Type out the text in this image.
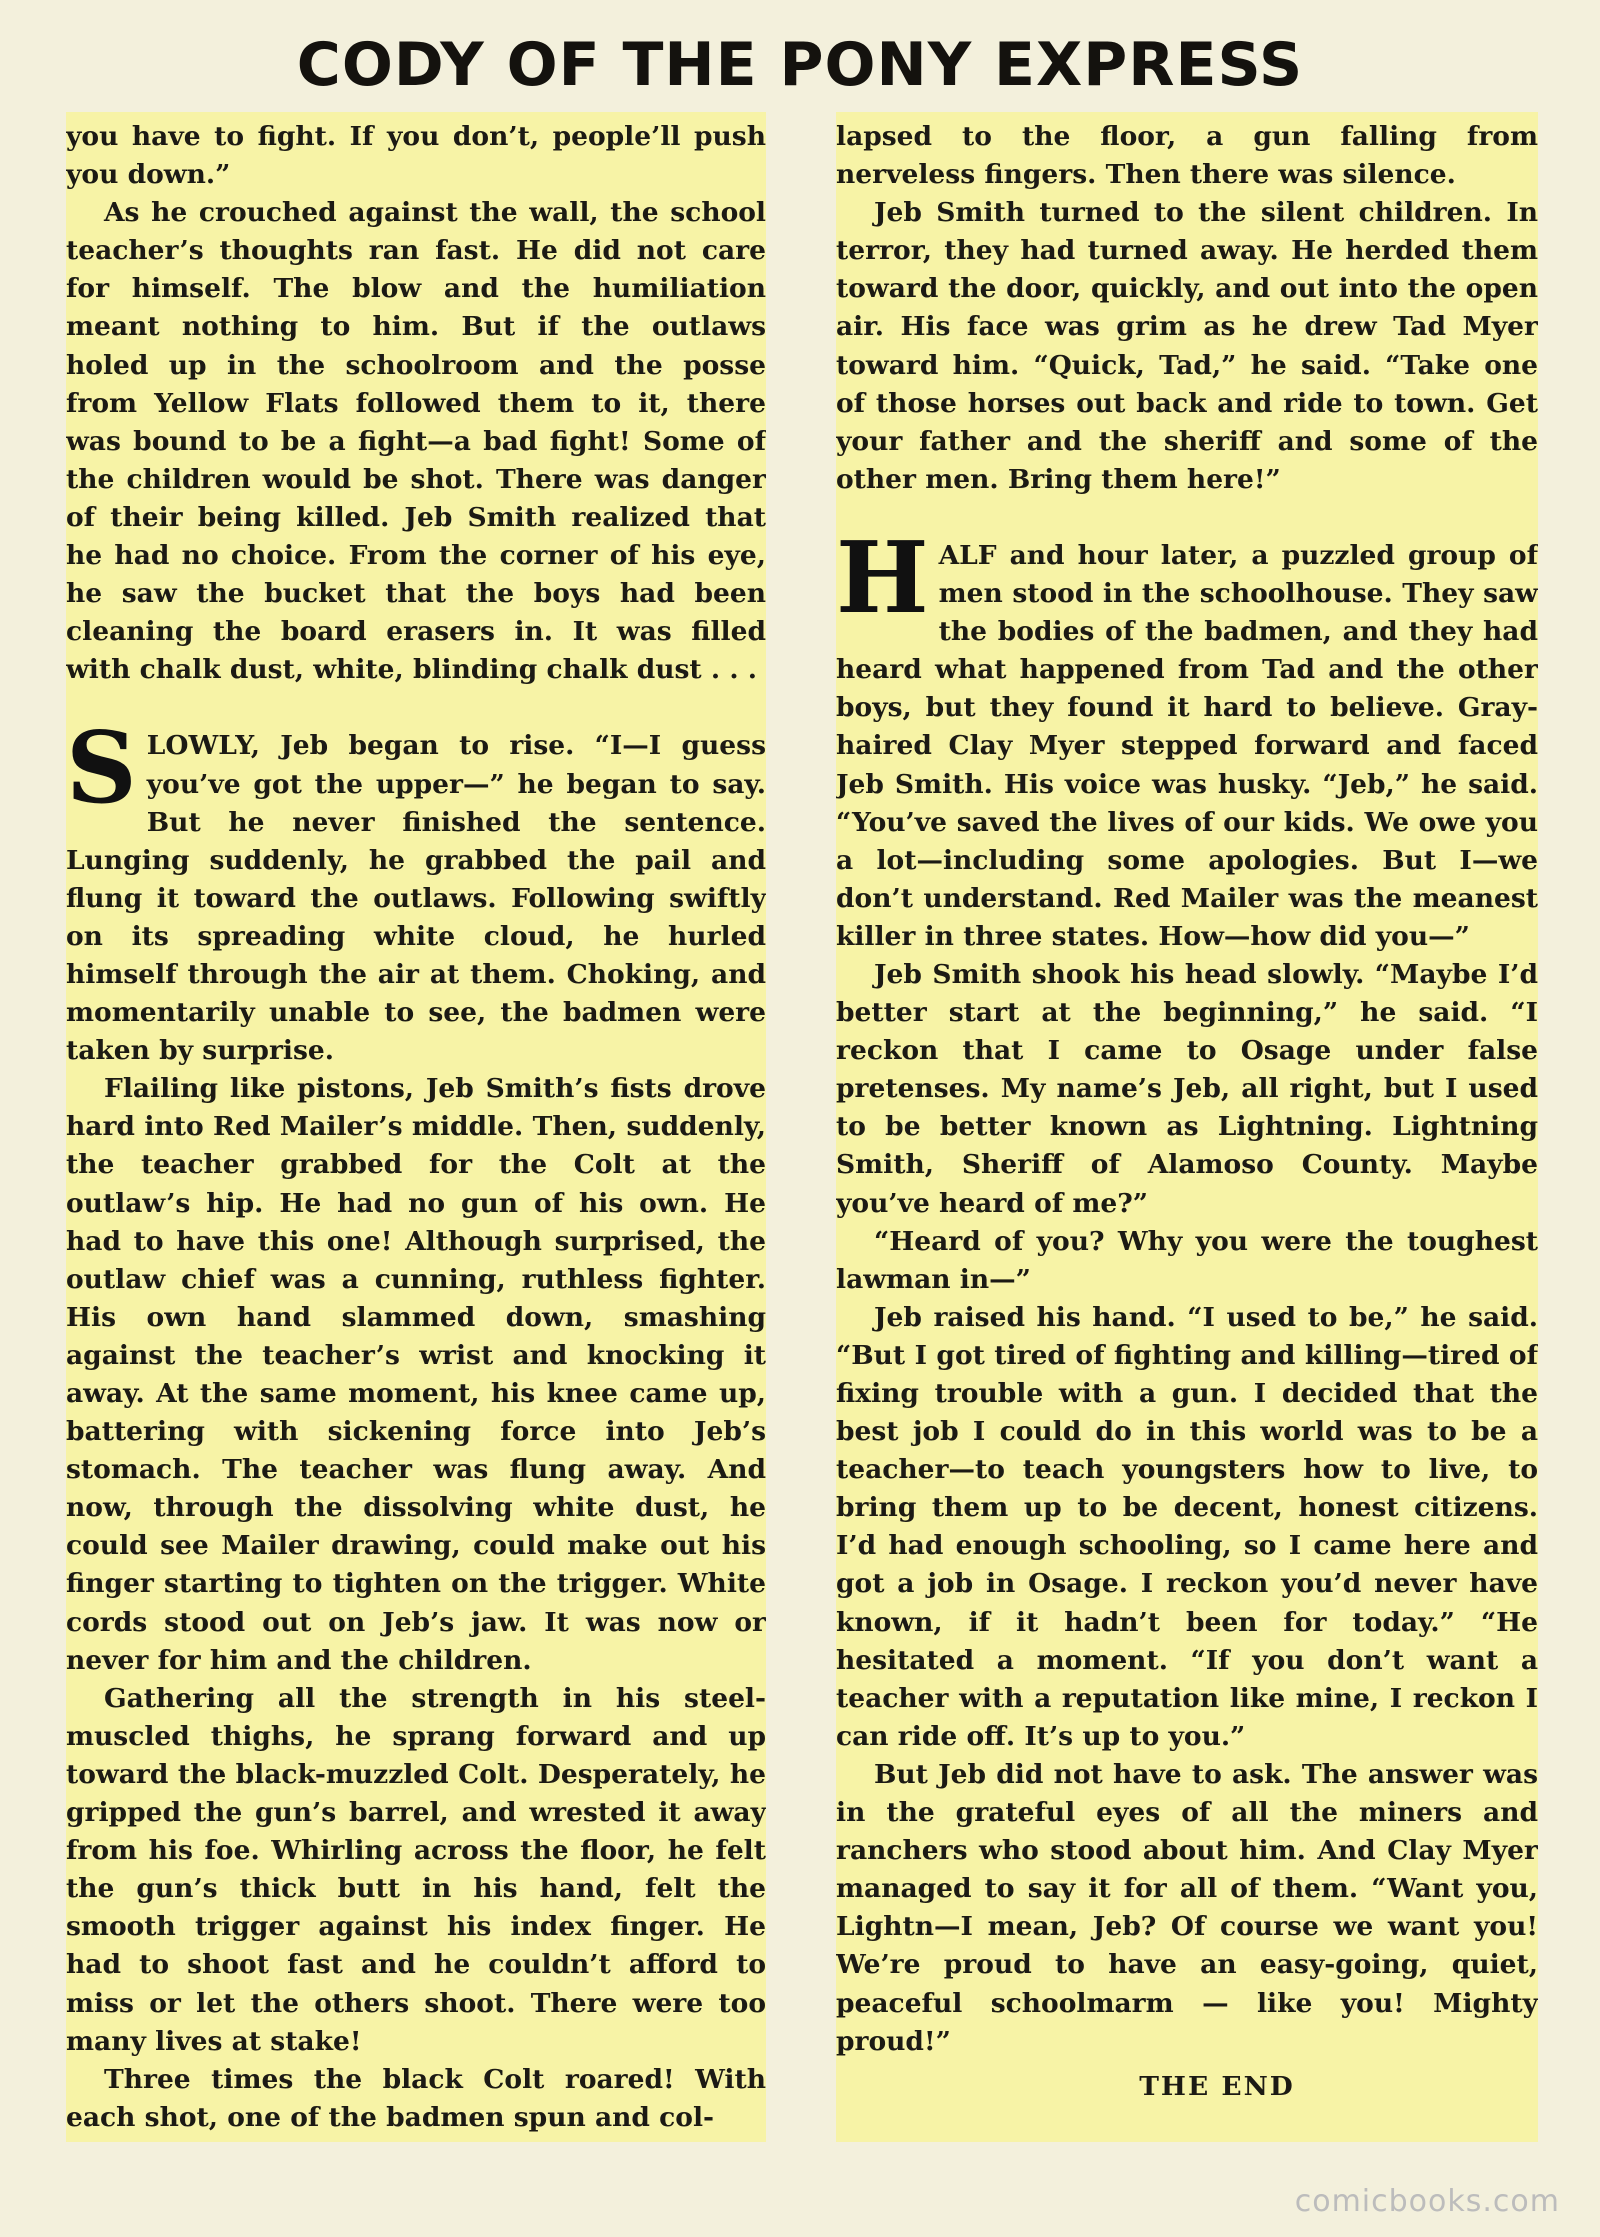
CODY OF THE PONY EXPRESS

you have to fight. If you don’t, people’ll push you down.”

As he crouched against the wall, the school teacher’s thoughts ran fast. He did not care for himself. The blow and the humiliation meant nothing to him. But if the outlaws holed up in the schoolroom and the posse from Yellow Flats followed them to it, there was bound to be a fight—a bad fight! Some of the children would be shot. There was danger of their being killed. Jeb Smith realized that he had no choice. From the corner of his eye, he saw the bucket that the boys had been cleaning the board erasers in. It was filled with chalk dust, white, blinding chalk dust . . .

SLOWLY, Jeb began to rise. “I—I guess you’ve got the upper—” he began to say. But he never finished the sentence. Lunging suddenly, he grabbed the pail and flung it toward the outlaws. Following swiftly on its spreading white cloud, he hurled himself through the air at them. Choking, and momentarily unable to see, the badmen were taken by surprise.

Flailing like pistons, Jeb Smith’s fists drove hard into Red Mailer’s middle. Then, suddenly, the teacher grabbed for the Colt at the outlaw’s hip. He had no gun of his own. He had to have this one! Although surprised, the outlaw chief was a cunning, ruthless fighter. His own hand slammed down, smashing against the teacher’s wrist and knocking it away. At the same moment, his knee came up, battering with sickening force into Jeb’s stomach. The teacher was flung away. And now, through the dissolving white dust, he could see Mailer drawing, could make out his finger starting to tighten on the trigger. White cords stood out on Jeb’s jaw. It was now or never for him and the children.

Gathering all the strength in his steel-muscled thighs, he sprang forward and up toward the black-muzzled Colt. Desperately, he gripped the gun’s barrel, and wrested it away from his foe. Whirling across the floor, he felt the gun’s thick butt in his hand, felt the smooth trigger against his index finger. He had to shoot fast and he couldn’t afford to miss or let the others shoot. There were too many lives at stake!

Three times the black Colt roared! With each shot, one of the badmen spun and col-

lapsed to the floor, a gun falling from nerveless fingers. Then there was silence.

Jeb Smith turned to the silent children. In terror, they had turned away. He herded them toward the door, quickly, and out into the open air. His face was grim as he drew Tad Myer toward him. “Quick, Tad,” he said. “Take one of those horses out back and ride to town. Get your father and the sheriff and some of the other men. Bring them here!”

HALF and hour later, a puzzled group of men stood in the schoolhouse. They saw the bodies of the badmen, and they had heard what happened from Tad and the other boys, but they found it hard to believe. Gray-haired Clay Myer stepped forward and faced Jeb Smith. His voice was husky. “Jeb,” he said. “You’ve saved the lives of our kids. We owe you a lot—including some apologies. But I—we don’t understand. Red Mailer was the meanest killer in three states. How—how did you—”

Jeb Smith shook his head slowly. “Maybe I’d better start at the beginning,” he said. “I reckon that I came to Osage under false pretenses. My name’s Jeb, all right, but I used to be better known as Lightning. Lightning Smith, Sheriff of Alamoso County. Maybe you’ve heard of me?”

“Heard of you? Why you were the toughest lawman in—”

Jeb raised his hand. “I used to be,” he said. “But I got tired of fighting and killing—tired of fixing trouble with a gun. I decided that the best job I could do in this world was to be a teacher—to teach youngsters how to live, to bring them up to be decent, honest citizens. I’d had enough schooling, so I came here and got a job in Osage. I reckon you’d never have known, if it hadn’t been for today.” “He hesitated a moment. “If you don’t want a teacher with a reputation like mine, I reckon I can ride off. It’s up to you.”

But Jeb did not have to ask. The answer was in the grateful eyes of all the miners and ranchers who stood about him. And Clay Myer managed to say it for all of them. “Want you, Lightn—I mean, Jeb? Of course we want you! We’re proud to have an easy-going, quiet, peaceful schoolmarm — like you! Mighty proud!”

THE END
comicbooks.com
